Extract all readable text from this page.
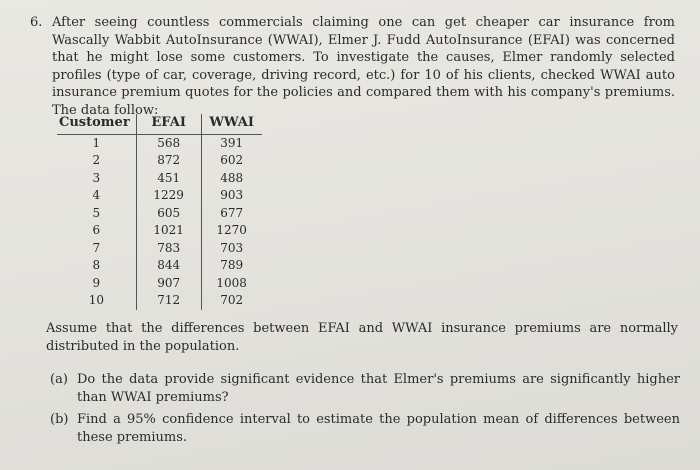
6. After seeing countless commercials claiming one can get cheaper car insurance from Wascally Wabbit AutoInsurance (WWAI), Elmer J. Fudd AutoInsurance (EFAI) was concerned that he might lose some customers. To investigate the causes, Elmer randomly selected profiles (type of car, coverage, driving record, etc.) for 10 of his clients, checked WWAI auto insurance premium quotes for the policies and compared them with his company's premiums. The data follow:
Customer	EFAI	WWAI
1	568	391
2	872	602
3	451	488
4	1229	903
5	605	677
6	1021	1270
7	783	703
8	844	789
9	907	1008
10	712	702
Assume that the differences between EFAI and WWAI insurance premiums are normally distributed in the population.
(a) Do the data provide significant evidence that Elmer's premiums are significantly higher than WWAI premiums?
(b) Find a 95% confidence interval to estimate the population mean of differences between these premiums.
